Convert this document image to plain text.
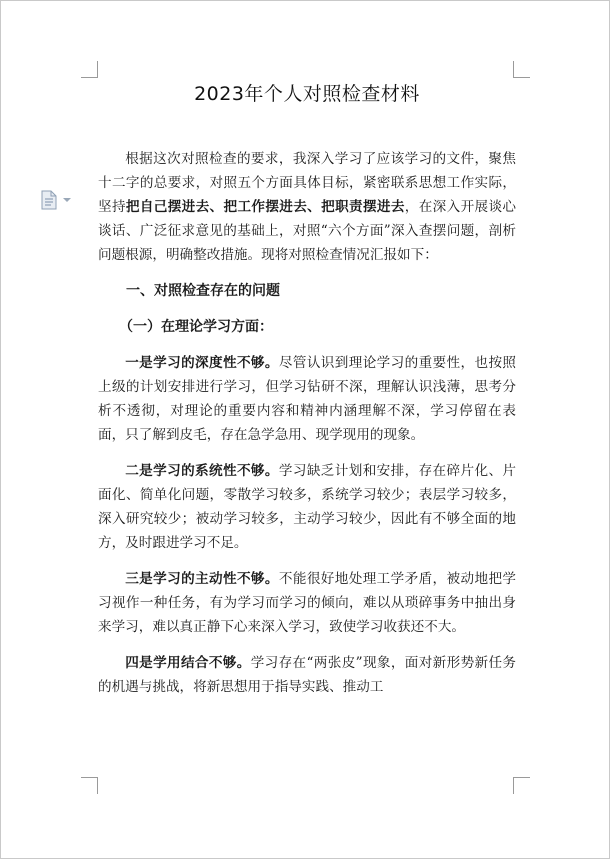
2023年个人对照检查材料

根据这次对照检查的要求，我深入学习了应该学习的文件，聚焦十二字的总要求，对照五个方面具体目标，紧密联系思想工作实际，坚持把自己摆进去、把工作摆进去、把职责摆进去，在深入开展谈心谈话、广泛征求意见的基础上，对照“六个方面”深入查摆问题，剖析问题根源，明确整改措施。现将对照检查情况汇报如下：

一、对照检查存在的问题
（一）在理论学习方面：

一是学习的深度性不够。尽管认识到理论学习的重要性，也按照上级的计划安排进行学习，但学习钻研不深，理解认识浅薄，思考分析不透彻，对理论的重要内容和精神内涵理解不深，学习停留在表面，只了解到皮毛，存在急学急用、现学现用的现象。

二是学习的系统性不够。学习缺乏计划和安排，存在碎片化、片面化、简单化问题，零散学习较多，系统学习较少；表层学习较多，深入研究较少；被动学习较多，主动学习较少，因此有不够全面的地方，及时跟进学习不足。

三是学习的主动性不够。不能很好地处理工学矛盾，被动地把学习视作一种任务，有为学习而学习的倾向，难以从琐碎事务中抽出身来学习，难以真正静下心来深入学习，致使学习收获还不大。

四是学用结合不够。学习存在“两张皮”现象，面对新形势新任务的机遇与挑战，将新思想用于指导实践、推动工
